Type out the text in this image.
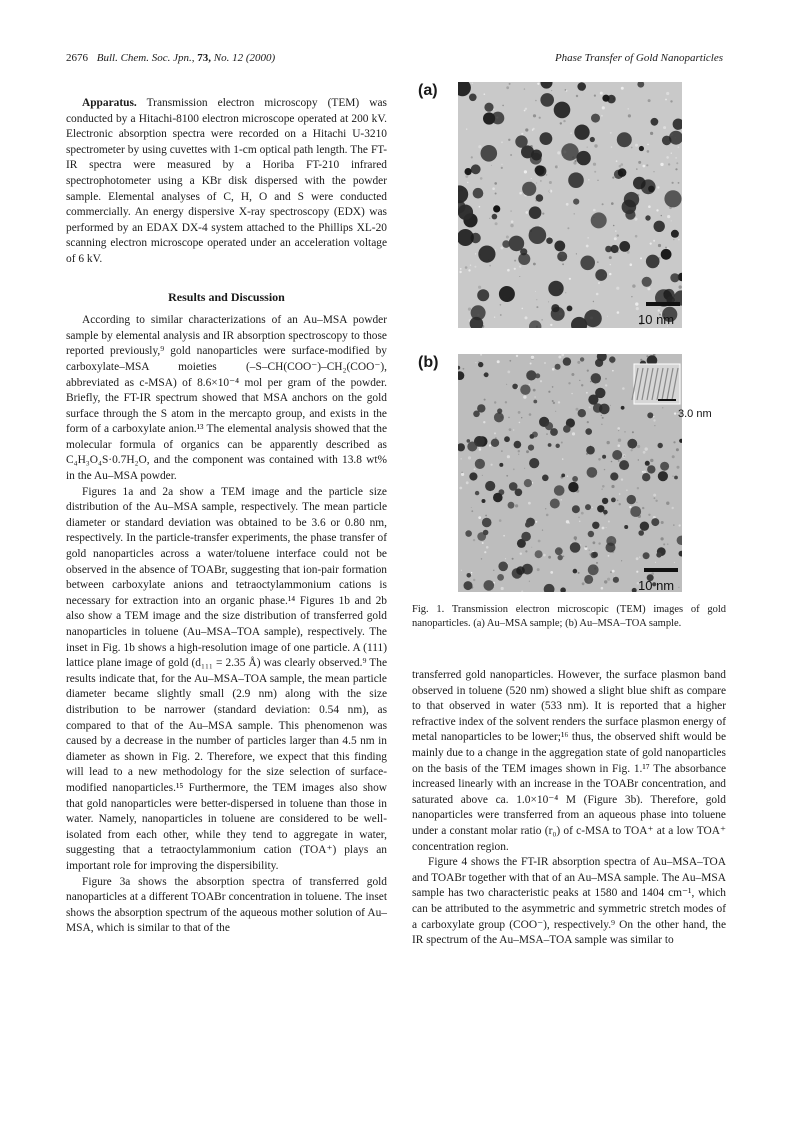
2676 Bull. Chem. Soc. Jpn., 73, No. 12 (2000)	Phase Transfer of Gold Nanoparticles

Apparatus. Transmission electron microscopy (TEM) was conducted by a Hitachi-8100 electron microscope operated at 200 kV. Electronic absorption spectra were recorded on a Hitachi U-3210 spectrometer by using cuvettes with 1-cm optical path length. The FT-IR spectra were measured by a Horiba FT-210 infrared spectrophotometer using a KBr disk dispersed with the powder sample. Elemental analyses of C, H, O and S were conducted commercially. An energy dispersive X-ray spectroscopy (EDX) was performed by an EDAX DX-4 system attached to the Phillips XL-20 scanning electron microscope operated under an acceleration voltage of 6 kV.

Results and Discussion

According to similar characterizations of an Au–MSA powder sample by elemental analysis and IR absorption spectroscopy to those reported previously,⁹ gold nanoparticles were surface-modified by carboxylate–MSA moieties (–S–CH(COO⁻)–CH₂(COO⁻), abbreviated as c-MSA) of 8.6×10⁻⁴ mol per gram of the powder. Briefly, the FT-IR spectrum showed that MSA anchors on the gold surface through the S atom in the mercapto group, and exists in the form of a carboxylate anion.¹³ The elemental analysis showed that the molecular formula of organics can be apparently described as C₄H₃O₄S·0.7H₂O, and the component was contained with 13.8 wt% in the Au–MSA powder.

Figures 1a and 2a show a TEM image and the particle size distribution of the Au–MSA sample, respectively. The mean particle diameter or standard deviation was obtained to be 3.6 or 0.80 nm, respectively. In the particle-transfer experiments, the phase transfer of gold nanoparticles across a water/toluene interface could not be observed in the absence of TOABr, suggesting that ion-pair formation between carboxylate anions and tetraoctylammonium cations is necessary for extraction into an organic phase.¹⁴ Figures 1b and 2b also show a TEM image and the size distribution of transferred gold nanoparticles in toluene (Au–MSA–TOA sample), respectively. The inset in Fig. 1b shows a high-resolution image of one particle. A (111) lattice plane image of gold (d₁₁₁ = 2.35 Å) was clearly observed.⁹ The results indicate that, for the Au–MSA–TOA sample, the mean particle diameter became slightly small (2.9 nm) along with the size distribution to be narrower (standard deviation: 0.54 nm), as compared to that of the Au–MSA sample. This phenomenon was caused by a decrease in the number of particles larger than 4.5 nm in diameter as shown in Fig. 2. Therefore, we expect that this finding will lead to a new methodology for the size selection of surface-modified nanoparticles.¹⁵ Furthermore, the TEM images also show that gold nanoparticles were better-dispersed in toluene than those in water. Namely, nanoparticles in toluene are considered to be well-isolated from each other, while they tend to aggregate in water, suggesting that a tetraoctylammonium cation (TOA⁺) plays an important role for improving the dispersibility.

Figure 3a shows the absorption spectra of transferred gold nanoparticles at a different TOABr concentration in toluene. The inset shows the absorption spectrum of the aqueous mother solution of Au–MSA, which is similar to that of the

(a)
10 nm
(b)
3.0 nm
10 nm
Fig. 1. Transmission electron microscopic (TEM) images of gold nanoparticles. (a) Au–MSA sample; (b) Au–MSA–TOA sample.

transferred gold nanoparticles. However, the surface plasmon band observed in toluene (520 nm) showed a slight blue shift as compare to that observed in water (533 nm). It is reported that a higher refractive index of the solvent renders the surface plasmon energy of metal nanoparticles to be lower;¹⁶ thus, the observed shift would be mainly due to a change in the aggregation state of gold nanoparticles on the basis of the TEM images shown in Fig. 1.¹⁷ The absorbance increased linearly with an increase in the TOABr concentration, and saturated above ca. 1.0×10⁻⁴ M (Figure 3b). Therefore, gold nanoparticles were transferred from an aqueous phase into toluene under a constant molar ratio (r₀) of c-MSA to TOA⁺ at a low TOA⁺ concentration region.

Figure 4 shows the FT-IR absorption spectra of Au–MSA–TOA and TOABr together with that of an Au–MSA sample. The Au–MSA sample has two characteristic peaks at 1580 and 1404 cm⁻¹, which can be attributed to the asymmetric and symmetric stretch modes of a carboxylate group (COO⁻), respectively.⁹ On the other hand, the IR spectrum of the Au–MSA–TOA sample was similar to
